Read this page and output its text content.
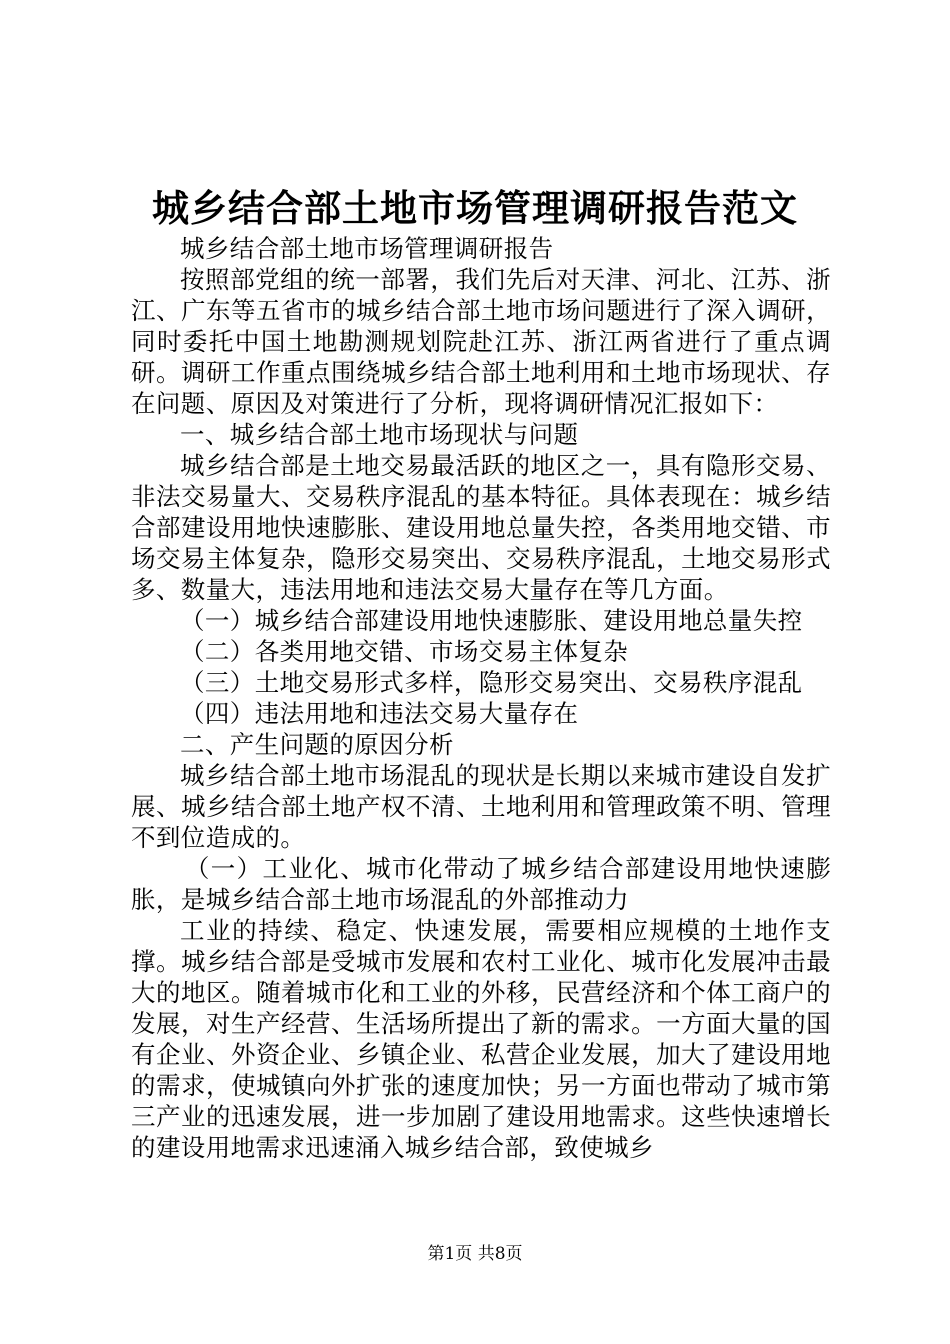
城乡结合部土地市场管理调研报告范文

城乡结合部土地市场管理调研报告

按照部党组的统一部署，我们先后对天津、河北、江苏、浙江、广东等五省市的城乡结合部土地市场问题进行了深入调研，同时委托中国土地勘测规划院赴江苏、浙江两省进行了重点调研。调研工作重点围绕城乡结合部土地利用和土地市场现状、存在问题、原因及对策进行了分析，现将调研情况汇报如下：

一、城乡结合部土地市场现状与问题

城乡结合部是土地交易最活跃的地区之一，具有隐形交易、非法交易量大、交易秩序混乱的基本特征。具体表现在：城乡结合部建设用地快速膨胀、建设用地总量失控，各类用地交错、市场交易主体复杂，隐形交易突出、交易秩序混乱，土地交易形式多、数量大，违法用地和违法交易大量存在等几方面。

（一）城乡结合部建设用地快速膨胀、建设用地总量失控

（二）各类用地交错、市场交易主体复杂

（三）土地交易形式多样，隐形交易突出、交易秩序混乱

（四）违法用地和违法交易大量存在

二、产生问题的原因分析

城乡结合部土地市场混乱的现状是长期以来城市建设自发扩展、城乡结合部土地产权不清、土地利用和管理政策不明、管理不到位造成的。

（一）工业化、城市化带动了城乡结合部建设用地快速膨胀，是城乡结合部土地市场混乱的外部推动力

工业的持续、稳定、快速发展，需要相应规模的土地作支撑。城乡结合部是受城市发展和农村工业化、城市化发展冲击最大的地区。随着城市化和工业的外移，民营经济和个体工商户的发展，对生产经营、生活场所提出了新的需求。一方面大量的国有企业、外资企业、乡镇企业、私营企业发展，加大了建设用地的需求，使城镇向外扩张的速度加快；另一方面也带动了城市第三产业的迅速发展，进一步加剧了建设用地需求。这些快速增长的建设用地需求迅速涌入城乡结合部，致使城乡

第1页 共8页
